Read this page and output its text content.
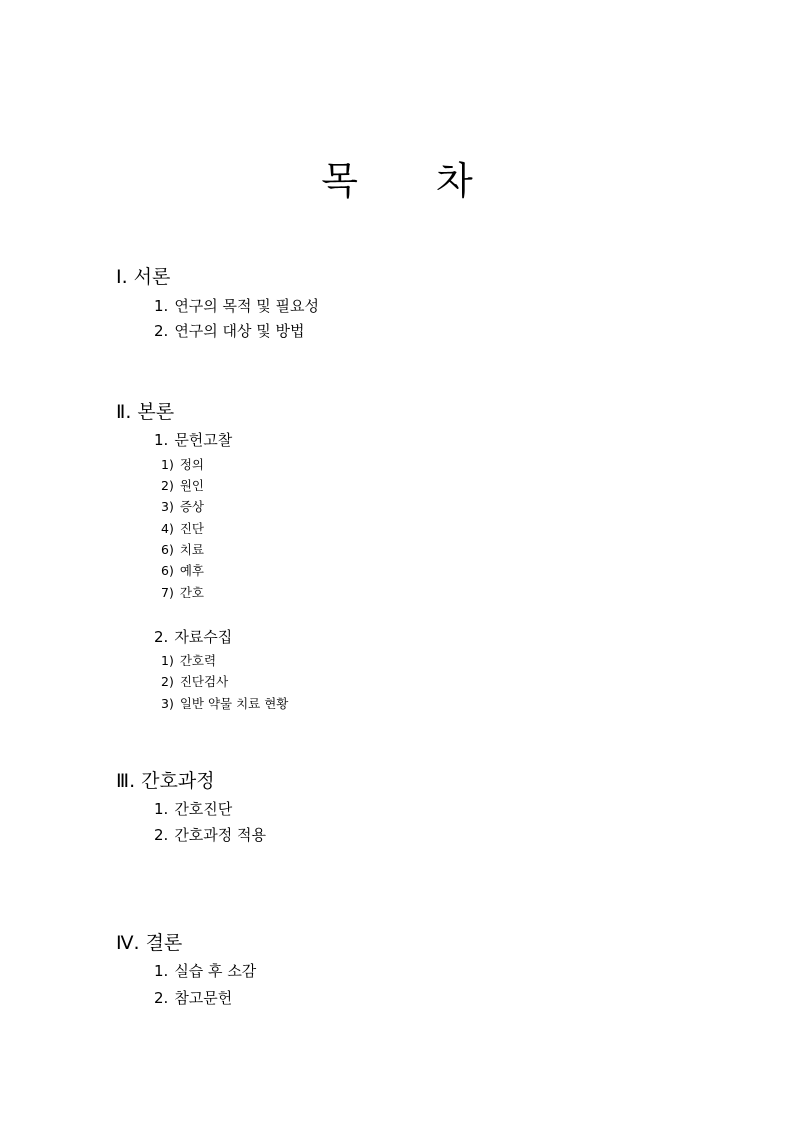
목 차
Ⅰ. 서론
1. 연구의 목적 및 필요성
2. 연구의 대상 및 방법
Ⅱ. 본론
1. 문헌고찰
1) 정의
2) 원인
3) 증상
4) 진단
6) 치료
6) 예후
7) 간호
2. 자료수집
1) 간호력
2) 진단검사
3) 일반 약물 치료 현황
Ⅲ. 간호과정
1. 간호진단
2. 간호과정 적용
Ⅳ. 결론
1. 실습 후 소감
2. 참고문헌
